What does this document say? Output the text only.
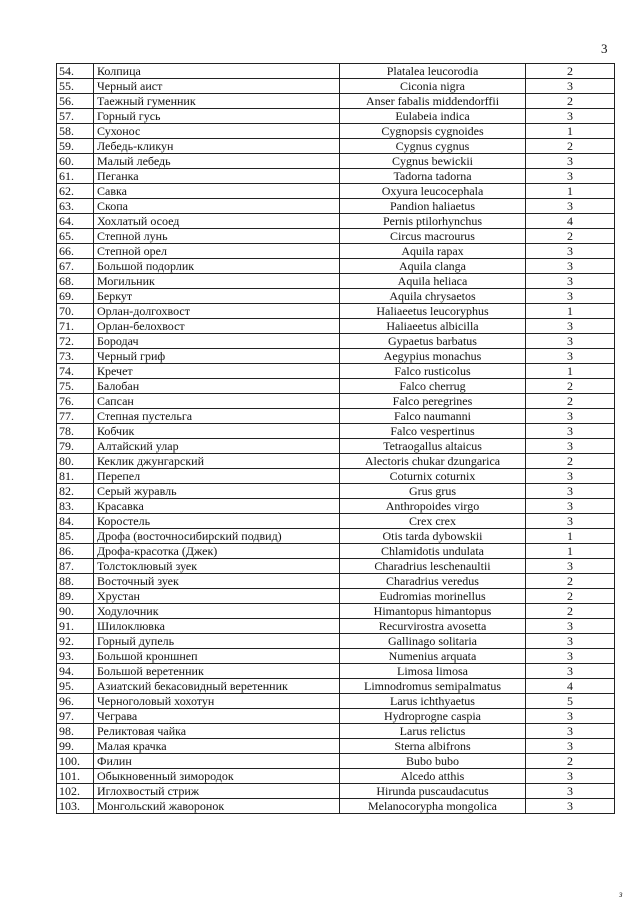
3
54.	Колпица	Platalea leucorodia	2
55.	Черный аист	Ciconia nigra	3
56.	Таежный гуменник	Anser fabalis middendorffii	2
57.	Горный гусь	Eulabeia indica	3
58.	Сухонос	Cygnopsis cygnoides	1
59.	Лебедь-кликун	Cygnus cygnus	2
60.	Малый лебедь	Cygnus bewickii	3
61.	Пеганка	Tadorna tadorna	3
62.	Савка	Oxyura leucocephala	1
63.	Скопа	Pandion haliaetus	3
64.	Хохлатый осоед	Pernis ptilorhynchus	4
65.	Степной лунь	Circus macrourus	2
66.	Степной орел	Aquila rapax	3
67.	Большой подорлик	Aquila clanga	3
68.	Могильник	Aquila heliaca	3
69.	Беркут	Aquila chrysaetos	3
70.	Орлан-долгохвост	Haliaeetus leucoryphus	1
71.	Орлан-белохвост	Haliaeetus albicilla	3
72.	Бородач	Gypaetus barbatus	3
73.	Черный гриф	Aegypius monachus	3
74.	Кречет	Falco rusticolus	1
75.	Балобан	Falco cherrug	2
76.	Сапсан	Falco peregrines	2
77.	Степная пустельга	Falco naumanni	3
78.	Кобчик	Falco vespertinus	3
79.	Алтайский улар	Tetraogallus altaicus	3
80.	Кеклик джунгарский	Alectoris chukar dzungarica	2
81.	Перепел	Coturnix coturnix	3
82.	Серый журавль	Grus grus	3
83.	Красавка	Anthropoides virgo	3
84.	Коростель	Crex crex	3
85.	Дрофа (восточносибирский подвид)	Otis tarda dybowskii	1
86.	Дрофа-красотка (Джек)	Chlamidotis undulata	1
87.	Толстоклювый зуек	Charadrius leschenaultii	3
88.	Восточный зуек	Charadrius veredus	2
89.	Хрустан	Eudromias morinellus	2
90.	Ходулочник	Himantopus himantopus	2
91.	Шилоклювка	Recurvirostra avosetta	3
92.	Горный дупель	Gallinago solitaria	3
93.	Большой кроншнеп	Numenius arquata	3
94.	Большой веретенник	Limosa limosa	3
95.	Азиатский бекасовидный веретенник	Limnodromus semipalmatus	4
96.	Черноголовый хохотун	Larus ichthyaetus	5
97.	Чеграва	Hydroprogne caspia	3
98.	Реликтовая чайка	Larus relictus	3
99.	Малая крачка	Sterna albifrons	3
100.	Филин	Bubo bubo	2
101.	Обыкновенный зимородок	Alcedo atthis	3
102.	Иглохвостый стриж	Hirunda puscaudacutus	3
103.	Монгольский жаворонок	Melanocorypha mongolica	3
з
